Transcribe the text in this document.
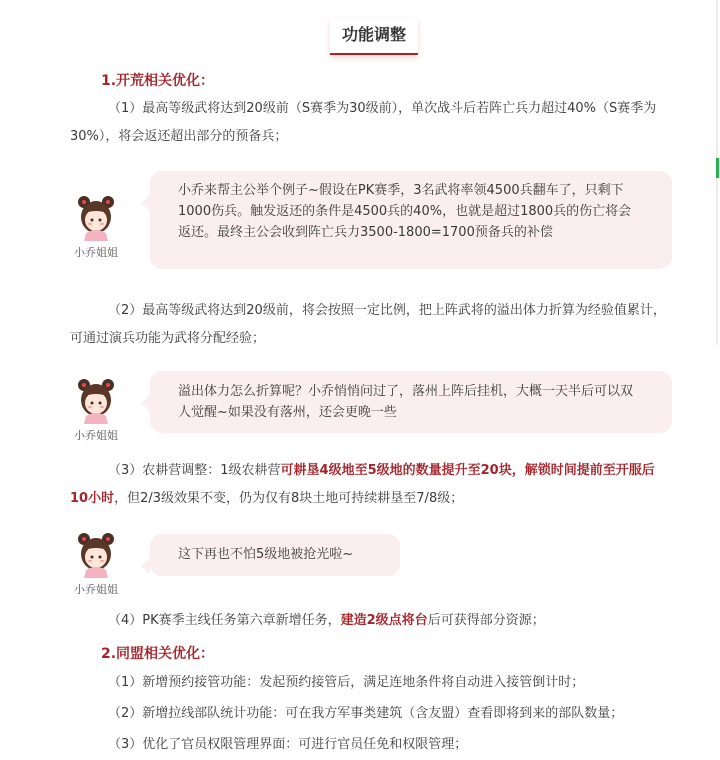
功能调整
1.开荒相关优化：
（1）最高等级武将达到20级前（S赛季为30级前），单次战斗后若阵亡兵力超过40%（S赛季为30%），将会返还超出部分的预备兵；
小乔姐姐
小乔来帮主公举个例子~假设在PK赛季，3名武将率领4500兵翻车了，只剩下1000伤兵。触发返还的条件是4500兵的40%，也就是超过1800兵的伤亡将会返还。最终主公会收到阵亡兵力3500-1800=1700预备兵的补偿
（2）最高等级武将达到20级前，将会按照一定比例，把上阵武将的溢出体力折算为经验值累计，可通过演兵功能为武将分配经验；
小乔姐姐
溢出体力怎么折算呢？小乔悄悄问过了，落州上阵后挂机，大概一天半后可以双人觉醒~如果没有落州，还会更晚一些
（3）农耕营调整：1级农耕营可耕垦4级地至5级地的数量提升至20块，解锁时间提前至开服后10小时，但2/3级效果不变，仍为仅有8块土地可持续耕垦至7/8级；
小乔姐姐
这下再也不怕5级地被抢光啦~
（4）PK赛季主线任务第六章新增任务，建造2级点将台后可获得部分资源；
2.同盟相关优化：
（1）新增预约接管功能：发起预约接管后，满足连地条件将自动进入接管倒计时；
（2）新增拉线部队统计功能：可在我方军事类建筑（含友盟）查看即将到来的部队数量；
（3）优化了官员权限管理界面：可进行官员任免和权限管理；
